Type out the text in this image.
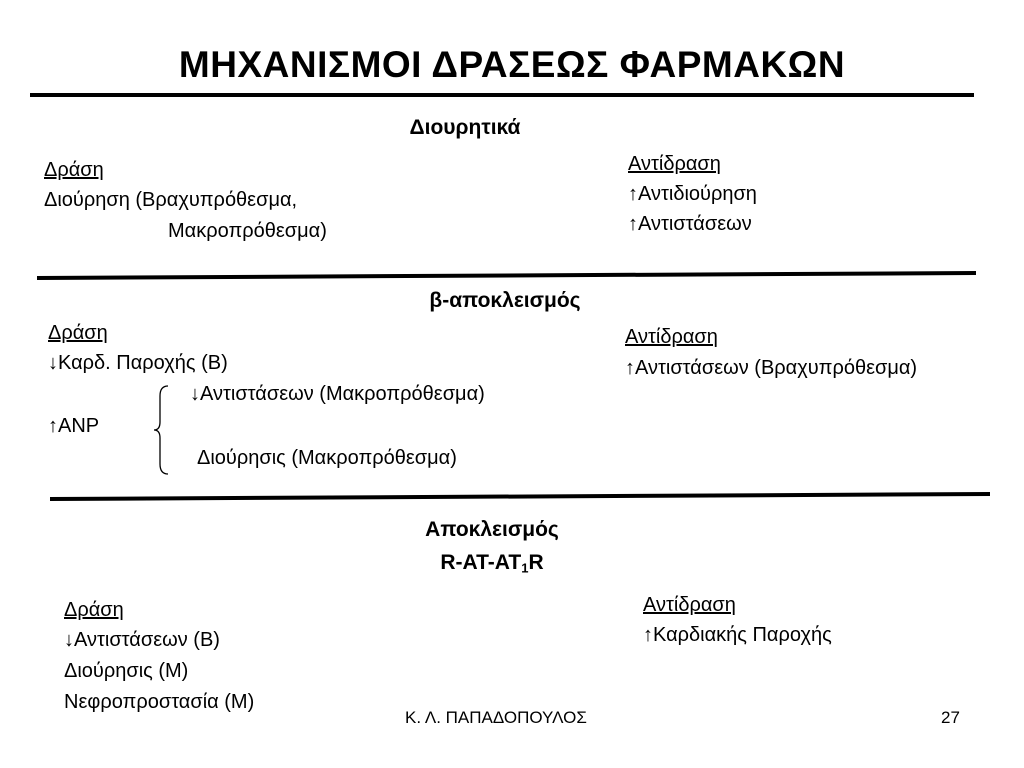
ΜΗΧΑΝΙΣΜΟΙ ΔΡΑΣΕΩΣ ΦΑΡΜΑΚΩΝ
Διουρητικά
Δράση
Διούρηση (Βραχυπρόθεσμα,
Μακροπρόθεσμα)
Αντίδραση
↑Αντιδιούρηση
↑Αντιστάσεων
β-αποκλεισμός
Δράση
↓Καρδ. Παροχής (Β)
↓Αντιστάσεων (Μακροπρόθεσμα)
↑ANP
Διούρησις (Μακροπρόθεσμα)
Αντίδραση
↑Αντιστάσεων (Βραχυπρόθεσμα)
Αποκλεισμός
$R-AT-AT_1R$
Δράση
↓Αντιστάσεων (Β)
Διούρησις (Μ)
Νεφροπροστασία (Μ)
Αντίδραση
↑Καρδιακής Παροχής
Κ. Λ. ΠΑΠΑΔΟΠΟΥΛΟΣ	27
